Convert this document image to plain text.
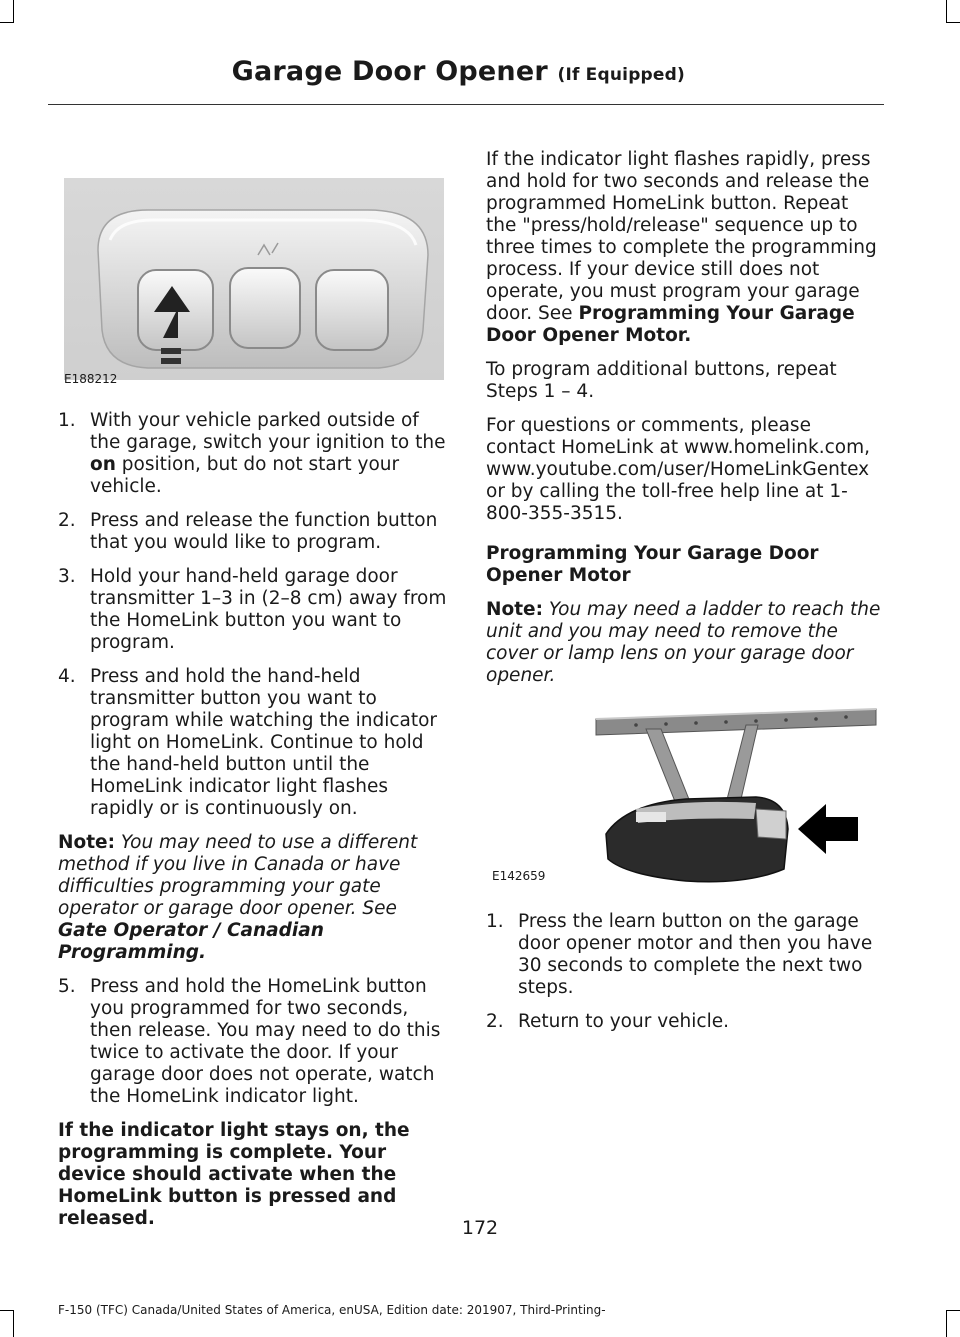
Garage Door Opener (If Equipped)
E188212
1. With your vehicle parked outside of the garage, switch your ignition to the on position, but do not start your vehicle.
2. Press and release the function button that you would like to program.
3. Hold your hand-held garage door transmitter 1–3 in (2–8 cm) away from the HomeLink button you want to program.
4. Press and hold the hand-held transmitter button you want to program while watching the indicator light on HomeLink. Continue to hold the hand-held button until the HomeLink indicator light flashes rapidly or is continuously on.

Note: You may need to use a different method if you live in Canada or have difficulties programming your gate operator or garage door opener. See Gate Operator / Canadian Programming.

5. Press and hold the HomeLink button you programmed for two seconds, then release. You may need to do this twice to activate the door. If your garage door does not operate, watch the HomeLink indicator light.

If the indicator light stays on, the programming is complete. Your device should activate when the HomeLink button is pressed and released.

If the indicator light flashes rapidly, press and hold for two seconds and release the programmed HomeLink button. Repeat the "press/hold/release" sequence up to three times to complete the programming process. If your device still does not operate, you must program your garage door. See Programming Your Garage Door Opener Motor.

To program additional buttons, repeat Steps 1 – 4.

For questions or comments, please contact HomeLink at www.homelink.com, www.youtube.com/user/HomeLinkGentex or by calling the toll-free help line at 1-800-355-3515.

Programming Your Garage Door Opener Motor

Note: You may need a ladder to reach the unit and you may need to remove the cover or lamp lens on your garage door opener.

E142659
1. Press the learn button on the garage door opener motor and then you have 30 seconds to complete the next two steps.
2. Return to your vehicle.
172
F-150 (TFC) Canada/United States of America, enUSA, Edition date: 201907, Third-Printing-
